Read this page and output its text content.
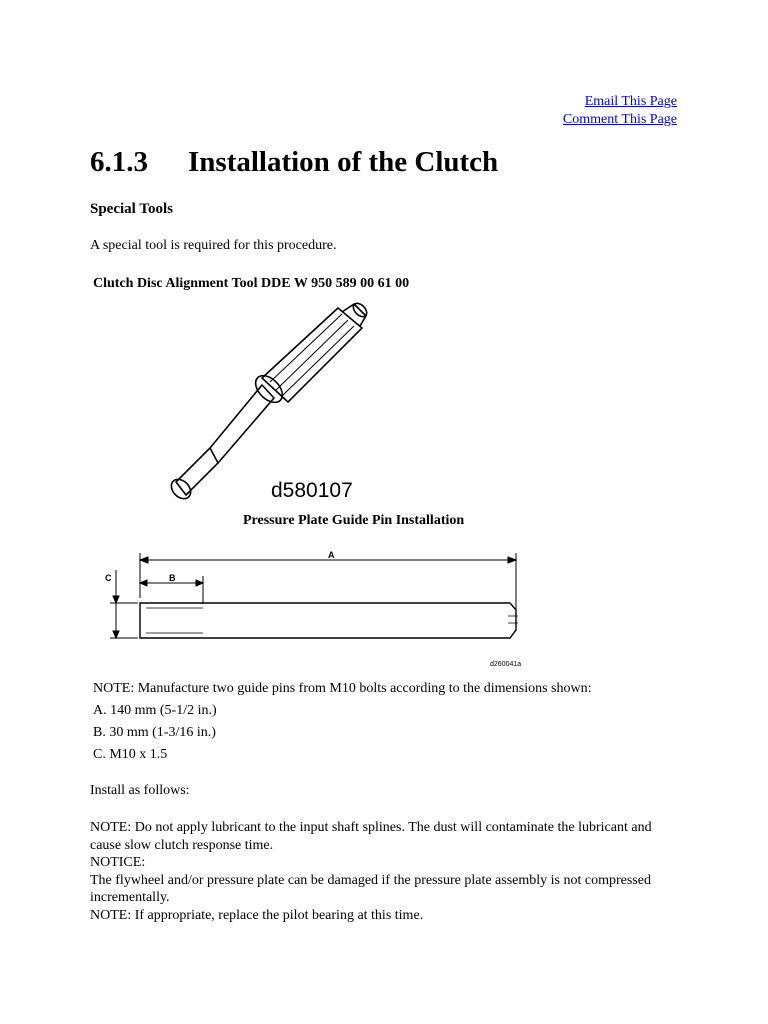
Email This Page
Comment This Page
6.1.3 Installation of the Clutch
Special Tools

A special tool is required for this procedure.

Clutch Disc Alignment Tool DDE W 950 589 00 61 00
d580107
Pressure Plate Guide Pin Installation
A
B
C
d260041a
NOTE: Manufacture two guide pins from M10 bolts according to the dimensions shown:
A. 140 mm (5-1/2 in.)
B. 30 mm (1-3/16 in.)
C. M10 x 1.5

Install as follows:

NOTE: Do not apply lubricant to the input shaft splines. The dust will contaminate the lubricant and cause slow clutch response time.
NOTICE:
The flywheel and/or pressure plate can be damaged if the pressure plate assembly is not compressed incrementally.
NOTE: If appropriate, replace the pilot bearing at this time.
